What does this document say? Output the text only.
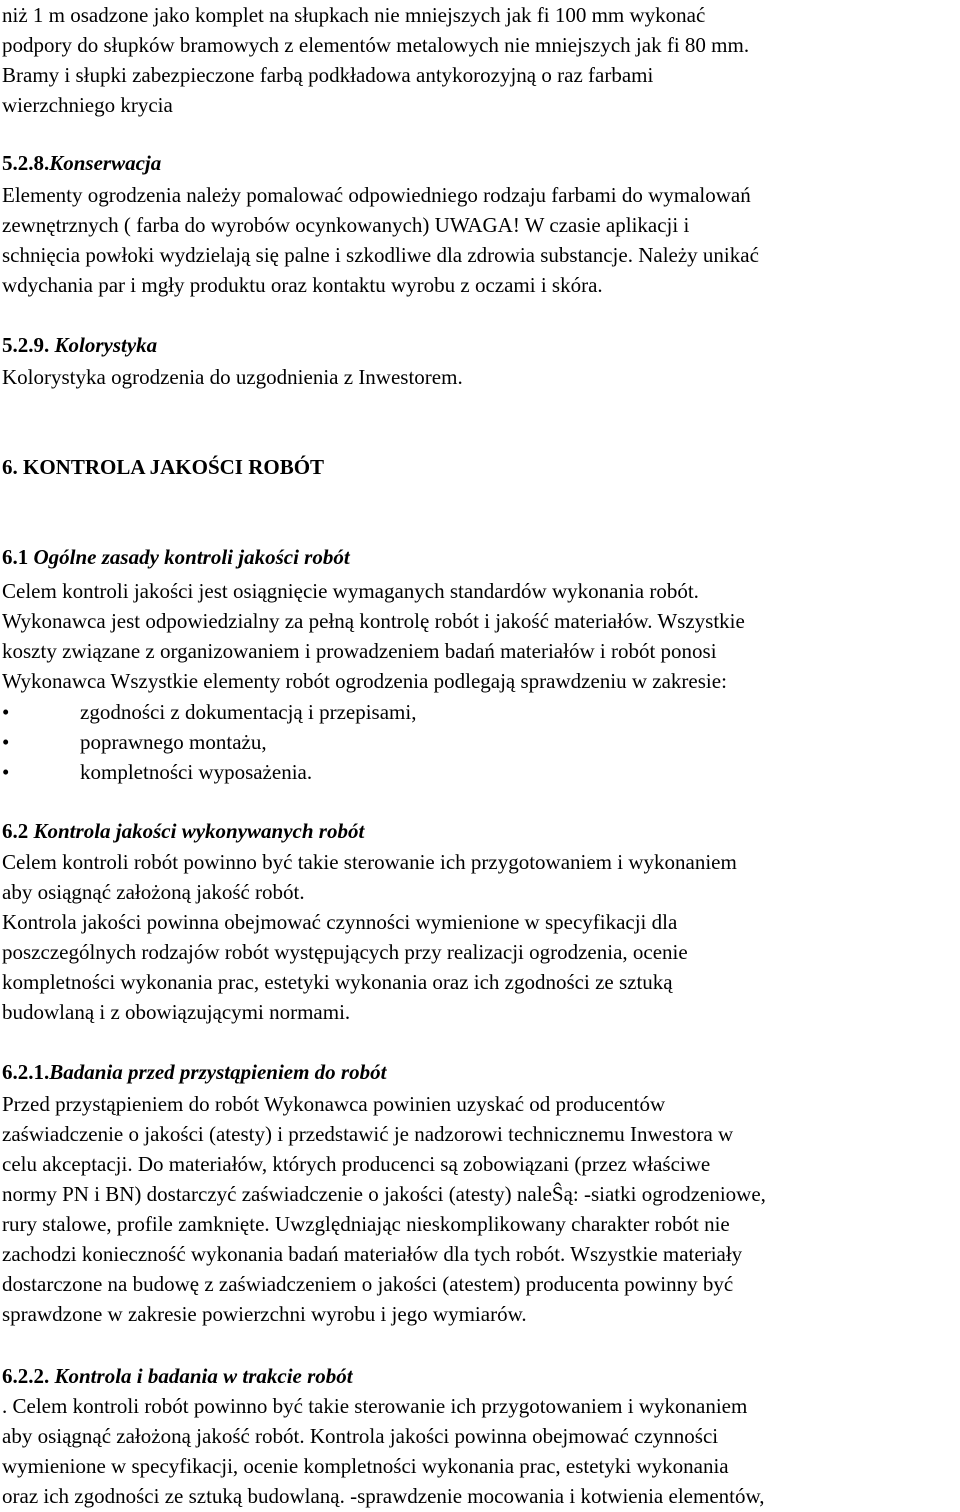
niż 1 m osadzone jako komplet na słupkach nie mniejszych jak fi 100 mm wykonać
podpory do słupków bramowych z elementów metalowych nie mniejszych jak fi 80 mm.
Bramy i słupki zabezpieczone farbą podkładowa antykorozyjną o raz farbami
wierzchniego krycia
5.2.8.Konserwacja
Elementy ogrodzenia należy pomalować odpowiedniego rodzaju farbami do wymalowań
zewnętrznych ( farba do wyrobów ocynkowanych) UWAGA! W czasie aplikacji i
schnięcia powłoki wydzielają się palne i szkodliwe dla zdrowia substancje. Należy unikać
wdychania par i mgły produktu oraz kontaktu wyrobu z oczami i skóra.
5.2.9. Kolorystyka
Kolorystyka ogrodzenia do uzgodnienia z Inwestorem.
6. KONTROLA JAKOŚCI ROBÓT
6.1 Ogólne zasady kontroli jakości robót
Celem kontroli jakości jest osiągnięcie wymaganych standardów wykonania robót.
Wykonawca jest odpowiedzialny za pełną kontrolę robót i jakość materiałów. Wszystkie
koszty związane z organizowaniem i prowadzeniem badań materiałów i robót ponosi
Wykonawca Wszystkie elementy robót ogrodzenia podlegają sprawdzeniu w zakresie:
•	zgodności z dokumentacją i przepisami,
•	poprawnego montażu,
•	kompletności wyposażenia.
6.2 Kontrola jakości wykonywanych robót
Celem kontroli robót powinno być takie sterowanie ich przygotowaniem i wykonaniem
aby osiągnąć założoną jakość robót.
Kontrola jakości powinna obejmować czynności wymienione w specyfikacji dla
poszczególnych rodzajów robót występujących przy realizacji ogrodzenia, ocenie
kompletności wykonania prac, estetyki wykonania oraz ich zgodności ze sztuką
budowlaną i z obowiązującymi normami.
6.2.1.Badania przed przystąpieniem do robót
Przed przystąpieniem do robót Wykonawca powinien uzyskać od producentów
zaświadczenie o jakości (atesty) i przedstawić je nadzorowi technicznemu Inwestora w
celu akceptacji. Do materiałów, których producenci są zobowiązani (przez właściwe
normy PN i BN) dostarczyć zaświadczenie o jakości (atesty) naleŜą: -siatki ogrodzeniowe,
rury stalowe, profile zamknięte. Uwzględniając nieskomplikowany charakter robót nie
zachodzi konieczność wykonania badań materiałów dla tych robót. Wszystkie materiały
dostarczone na budowę z zaświadczeniem o jakości (atestem) producenta powinny być
sprawdzone w zakresie powierzchni wyrobu i jego wymiarów.
6.2.2. Kontrola i badania w trakcie robót
. Celem kontroli robót powinno być takie sterowanie ich przygotowaniem i wykonaniem
aby osiągnąć założoną jakość robót. Kontrola jakości powinna obejmować czynności
wymienione w specyfikacji, ocenie kompletności wykonania prac, estetyki wykonania
oraz ich zgodności ze sztuką budowlaną. -sprawdzenie mocowania i kotwienia elementów,
